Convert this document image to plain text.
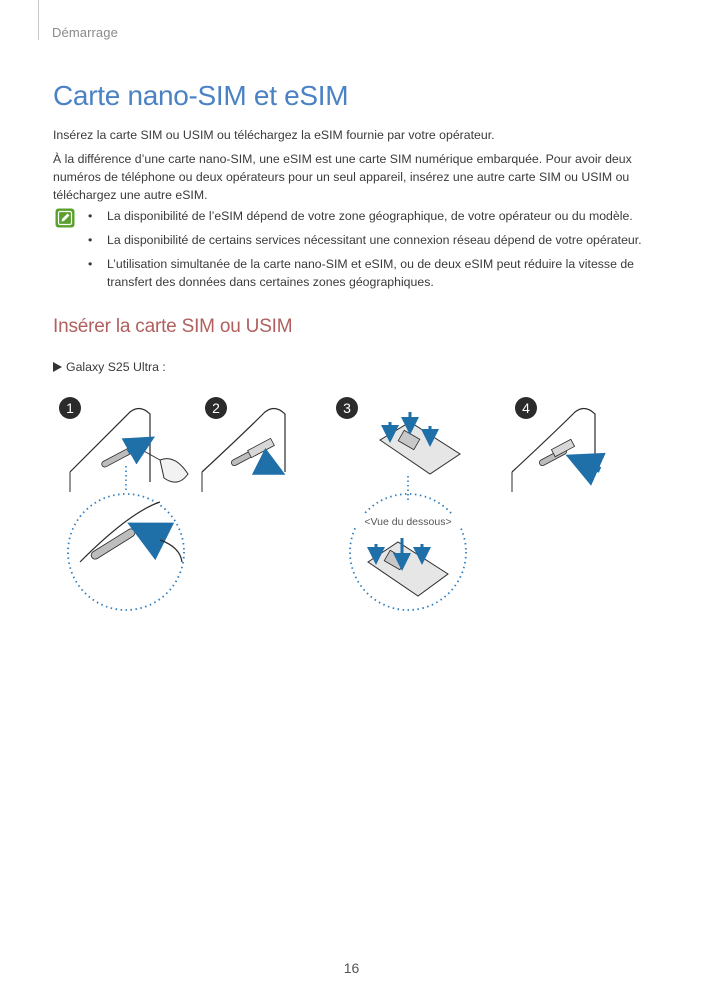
Démarrage
Carte nano-SIM et eSIM

Insérez la carte SIM ou USIM ou téléchargez la eSIM fournie par votre opérateur.

À la différence d’une carte nano-SIM, une eSIM est une carte SIM numérique embarquée. Pour avoir deux numéros de téléphone ou deux opérateurs pour un seul appareil, insérez une autre carte SIM ou USIM ou téléchargez une autre eSIM.

• La disponibilité de l’eSIM dépend de votre zone géographique, de votre opérateur ou du modèle.
• La disponibilité de certains services nécessitant une connexion réseau dépend de votre opérateur.
• L’utilisation simultanée de la carte nano-SIM et eSIM, ou de deux eSIM peut réduire la vitesse de transfert des données dans certaines zones géographiques.
Insérer la carte SIM ou USIM
Galaxy S25 Ultra :
1	2	3
<Vue du dessous>
4
16
